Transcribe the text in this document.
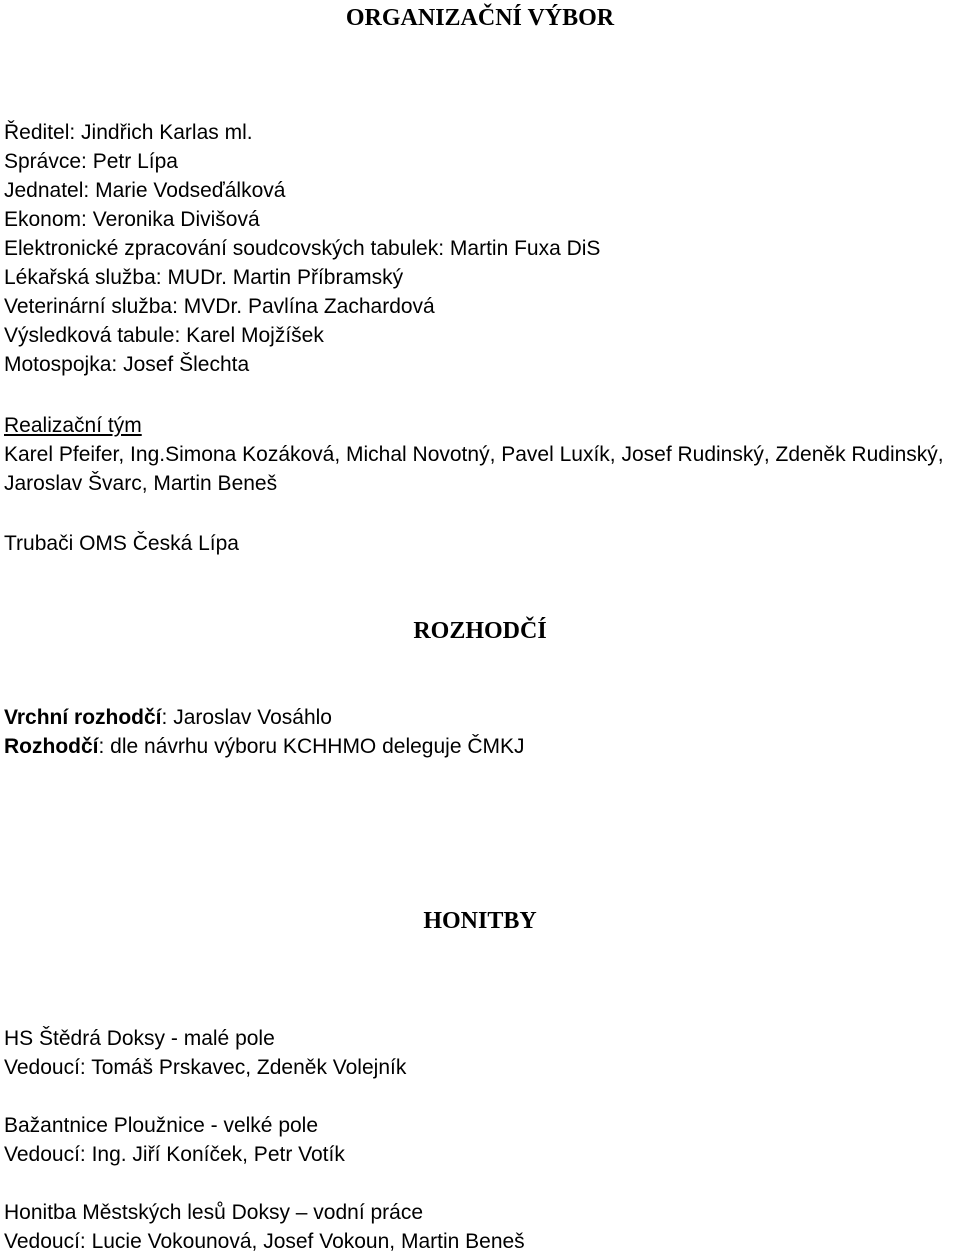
ORGANIZAČNÍ VÝBOR
Ředitel: Jindřich Karlas ml.
Správce: Petr Lípa
Jednatel: Marie Vodseďálková
Ekonom: Veronika Divišová
Elektronické zpracování soudcovských tabulek: Martin Fuxa DiS
Lékařská služba: MUDr. Martin Příbramský
Veterinární služba: MVDr. Pavlína Zachardová
Výsledková tabule: Karel Mojžíšek
Motospojka: Josef Šlechta
Realizační tým
Karel Pfeifer, Ing.Simona Kozáková, Michal Novotný, Pavel Luxík, Josef Rudinský, Zdeněk Rudinský, Jaroslav Švarc, Martin Beneš
Trubači OMS Česká Lípa
ROZHODČÍ
Vrchní rozhodčí: Jaroslav Vosáhlo
Rozhodčí: dle návrhu výboru KCHHMO deleguje ČMKJ
HONITBY
HS Štědrá Doksy - malé pole
Vedoucí: Tomáš Prskavec, Zdeněk Volejník
Bažantnice Ploužnice - velké pole
Vedoucí: Ing. Jiří Koníček, Petr Votík
Honitba Městských lesů Doksy – vodní práce
Vedoucí: Lucie Vokounová, Josef Vokoun, Martin Beneš
